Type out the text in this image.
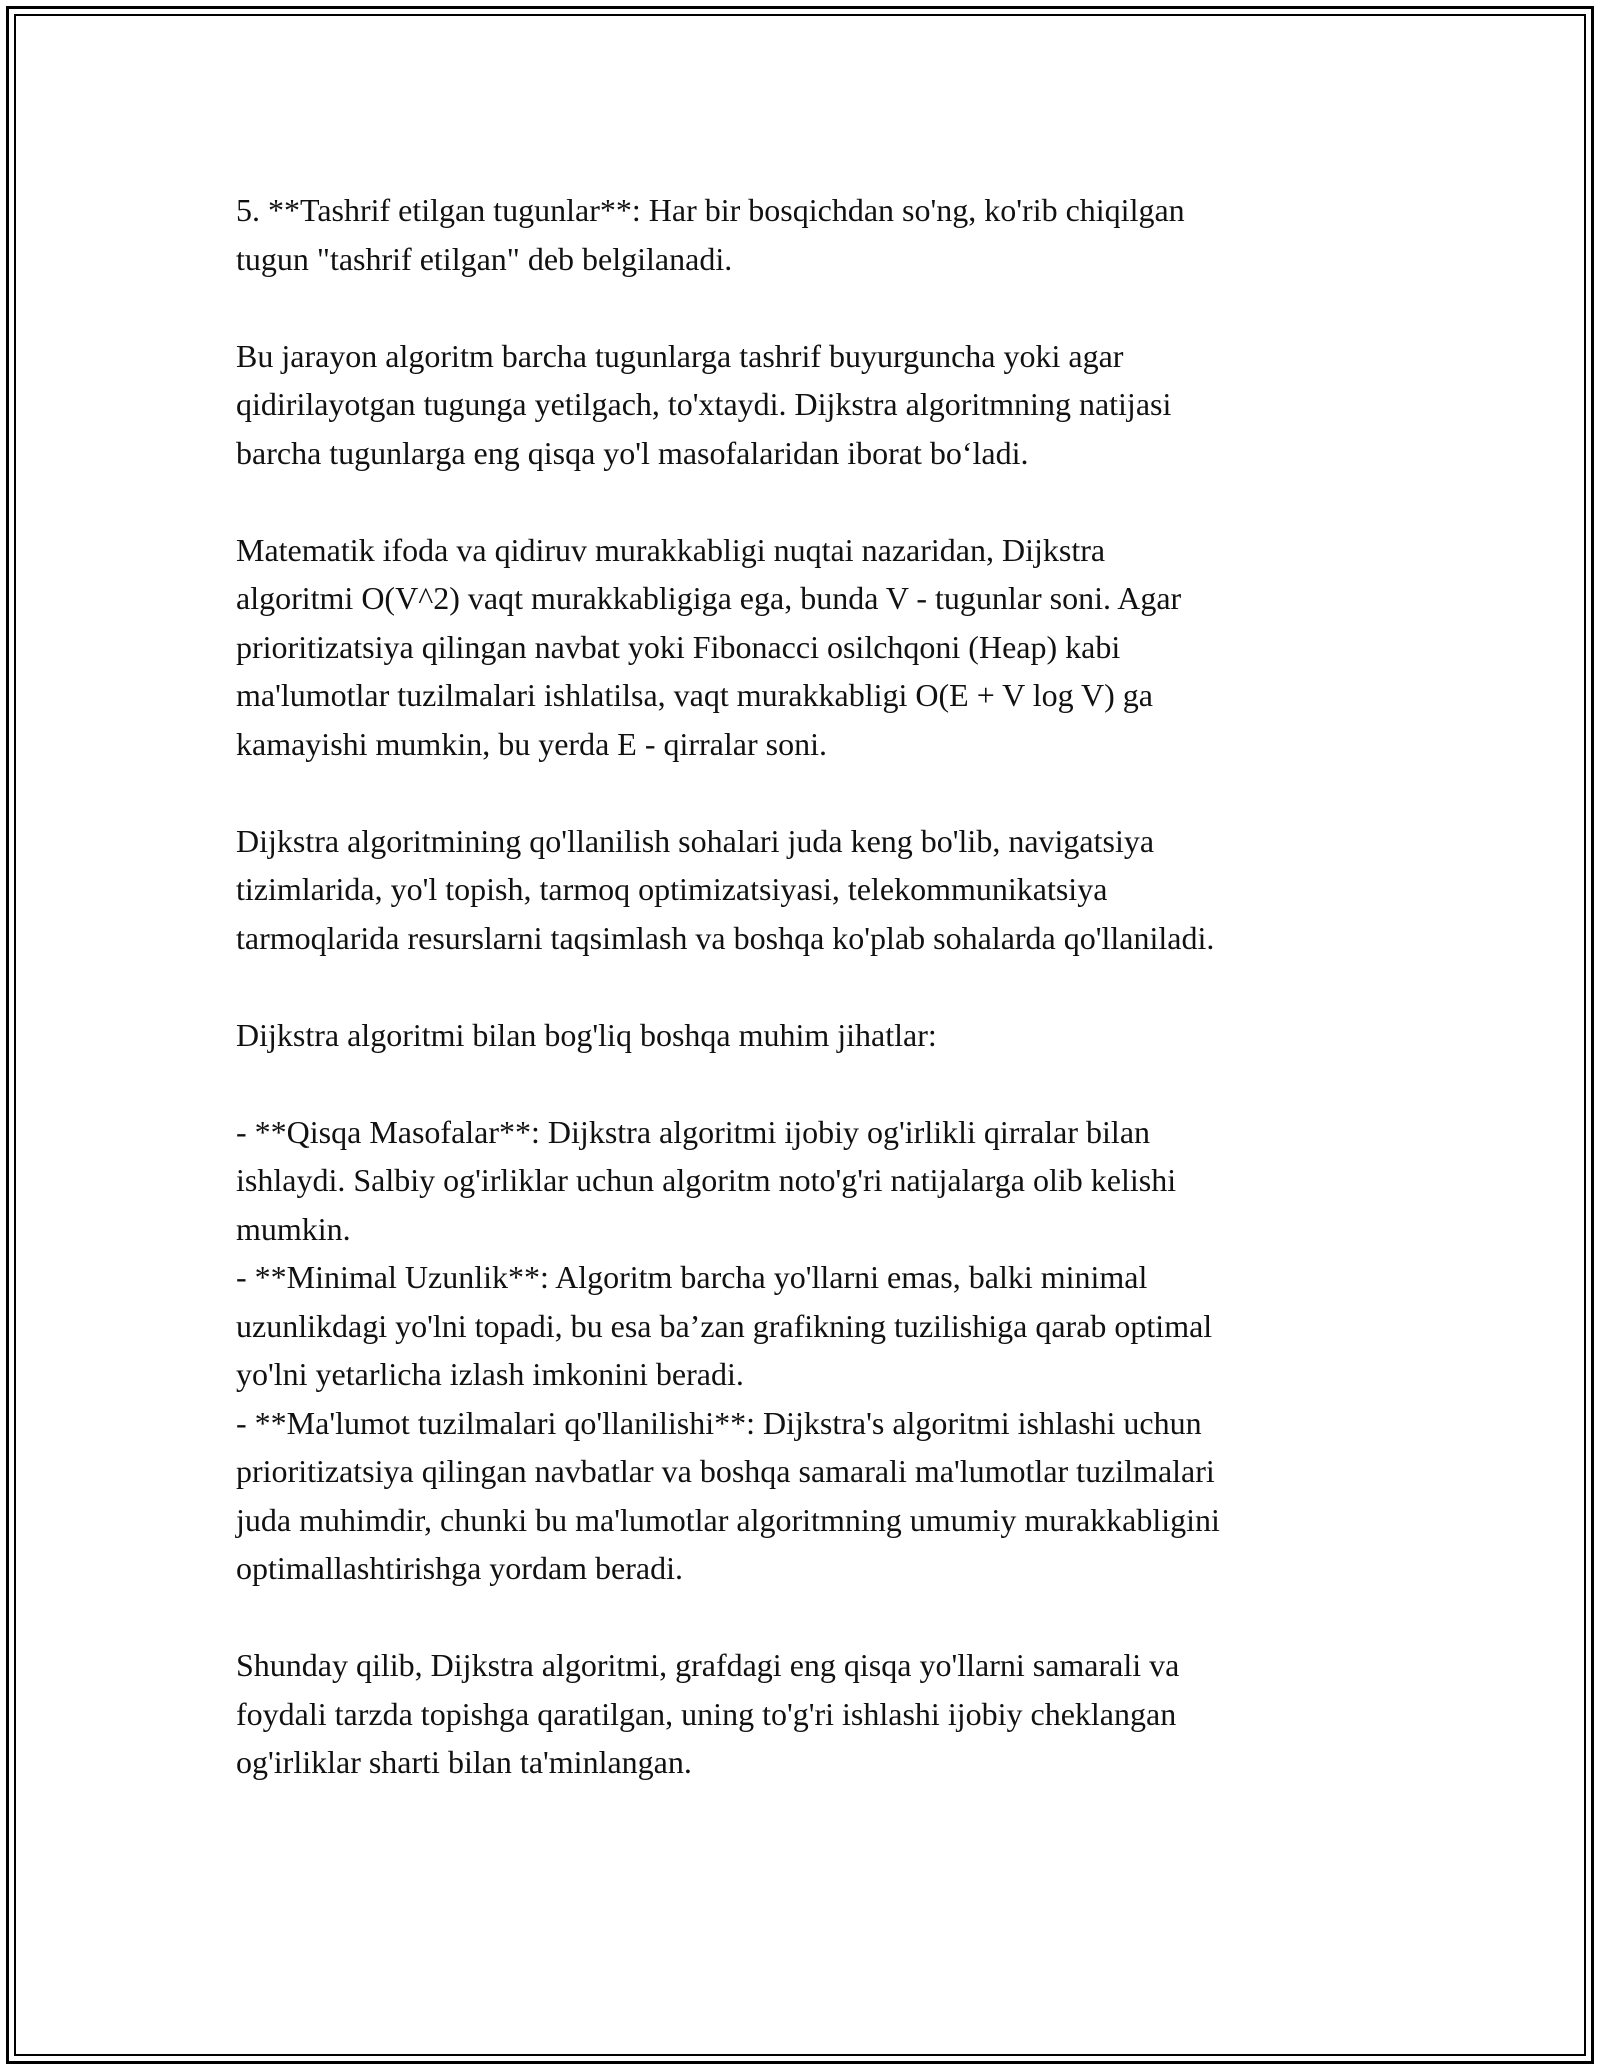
5. **Tashrif etilgan tugunlar**: Har bir bosqichdan so'ng, ko'rib chiqilgan

tugun "tashrif etilgan" deb belgilanadi.

Bu jarayon algoritm barcha tugunlarga tashrif buyurguncha yoki agar

qidirilayotgan tugunga yetilgach, to'xtaydi. Dijkstra algoritmning natijasi

barcha tugunlarga eng qisqa yo'l masofalaridan iborat bo‘ladi.

Matematik ifoda va qidiruv murakkabligi nuqtai nazaridan, Dijkstra

algoritmi O(V^2) vaqt murakkabligiga ega, bunda V - tugunlar soni. Agar

prioritizatsiya qilingan navbat yoki Fibonacci osilchqoni (Heap) kabi

ma'lumotlar tuzilmalari ishlatilsa, vaqt murakkabligi O(E + V log V) ga

kamayishi mumkin, bu yerda E - qirralar soni.

Dijkstra algoritmining qo'llanilish sohalari juda keng bo'lib, navigatsiya

tizimlarida, yo'l topish, tarmoq optimizatsiyasi, telekommunikatsiya

tarmoqlarida resurslarni taqsimlash va boshqa ko'plab sohalarda qo'llaniladi.

Dijkstra algoritmi bilan bog'liq boshqa muhim jihatlar:

- **Qisqa Masofalar**: Dijkstra algoritmi ijobiy og'irlikli qirralar bilan

ishlaydi. Salbiy og'irliklar uchun algoritm noto'g'ri natijalarga olib kelishi

mumkin.

- **Minimal Uzunlik**: Algoritm barcha yo'llarni emas, balki minimal

uzunlikdagi yo'lni topadi, bu esa ba’zan grafikning tuzilishiga qarab optimal

yo'lni yetarlicha izlash imkonini beradi.

- **Ma'lumot tuzilmalari qo'llanilishi**: Dijkstra's algoritmi ishlashi uchun

prioritizatsiya qilingan navbatlar va boshqa samarali ma'lumotlar tuzilmalari

juda muhimdir, chunki bu ma'lumotlar algoritmning umumiy murakkabligini

optimallashtirishga yordam beradi.

Shunday qilib, Dijkstra algoritmi, grafdagi eng qisqa yo'llarni samarali va

foydali tarzda topishga qaratilgan, uning to'g'ri ishlashi ijobiy cheklangan

og'irliklar sharti bilan ta'minlangan.
